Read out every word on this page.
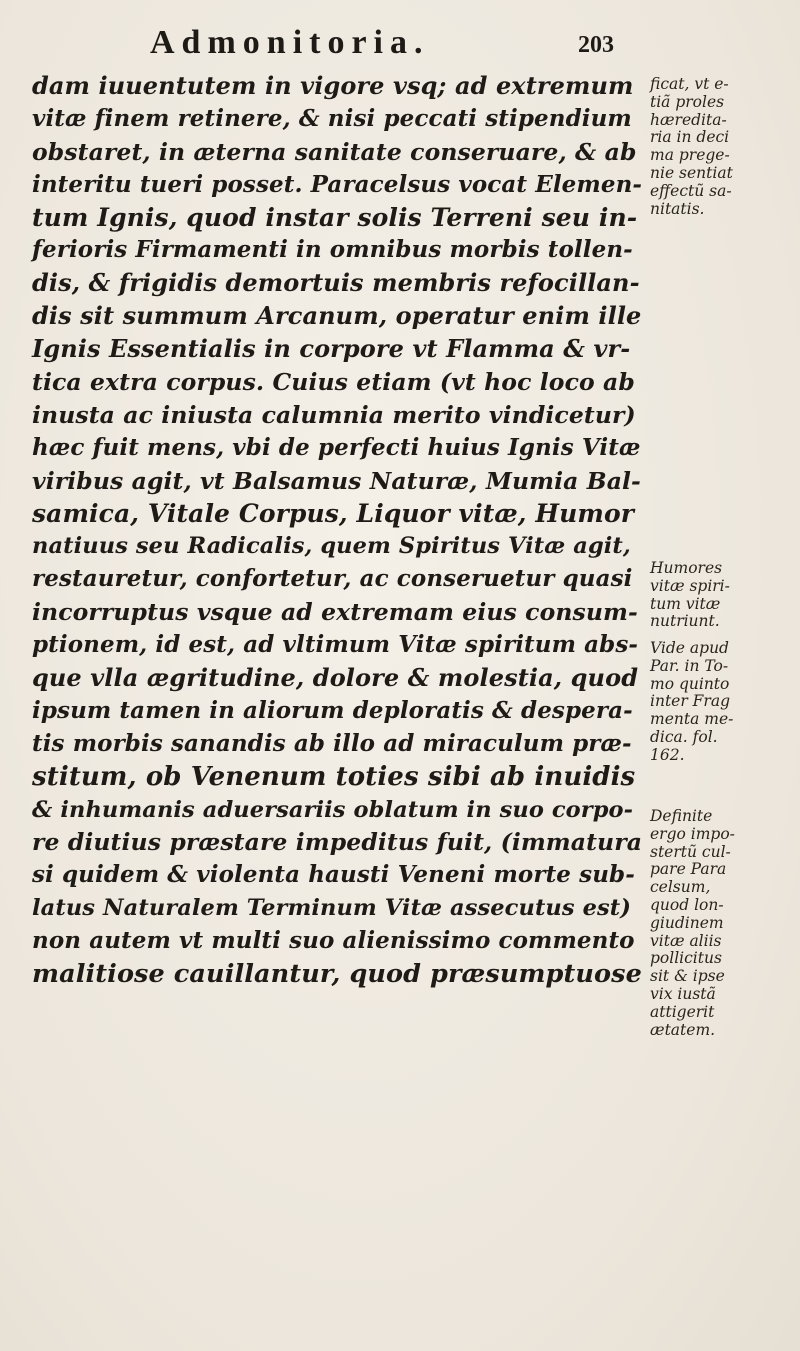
Admonitoria.	203
dam iuuentutem in vigore vsq; ad extremum
vitæ finem retinere, & nisi peccati stipendium
obstaret, in æterna sanitate conseruare, & ab
interitu tueri posset. Paracelsus vocat Elemen-
tum Ignis, quod instar solis Terreni seu in-
ferioris Firmamenti in omnibus morbis tollen-
dis, & frigidis demortuis membris refocillan-
dis sit summum Arcanum, operatur enim ille
Ignis Essentialis in corpore vt Flamma & vr-
tica extra corpus. Cuius etiam (vt hoc loco ab
inusta ac iniusta calumnia merito vindicetur)
hæc fuit mens, vbi de perfecti huius Ignis Vitæ
viribus agit, vt Balsamus Naturæ, Mumia Bal-
samica, Vitale Corpus, Liquor vitæ, Humor
natiuus seu Radicalis, quem Spiritus Vitæ agit,
restauretur, confortetur, ac conseruetur quasi
incorruptus vsque ad extremam eius consum-
ptionem, id est, ad vltimum Vitæ spiritum abs-
que vlla ægritudine, dolore & molestia, quod
ipsum tamen in aliorum deploratis & despera-
tis morbis sanandis ab illo ad miraculum præ-
stitum, ob Venenum toties sibi ab inuidis
& inhumanis aduersariis oblatum in suo corpo-
re diutius præstare impeditus fuit, (immatura
si quidem & violenta hausti Veneni morte sub-
latus Naturalem Terminum Vitæ assecutus est)
non autem vt multi suo alienissimo commento
malitiose cauillantur, quod præsumptuose
ficat, vt e-
tiã proles
hæredita-
ria in deci
ma prege-
nie sentiat
effectũ sa-
nitatis.
Humores
vitæ spiri-
tum vitæ
nutriunt.
Vide apud
Par. in To-
mo quinto
inter Frag
menta me-
dica. fol.
162.
Definite
ergo impo-
stertũ cul-
pare Para
celsum,
quod lon-
giudinem
vitæ aliis
pollicitus
sit & ipse
vix iustã
attigerit
ætatem.
